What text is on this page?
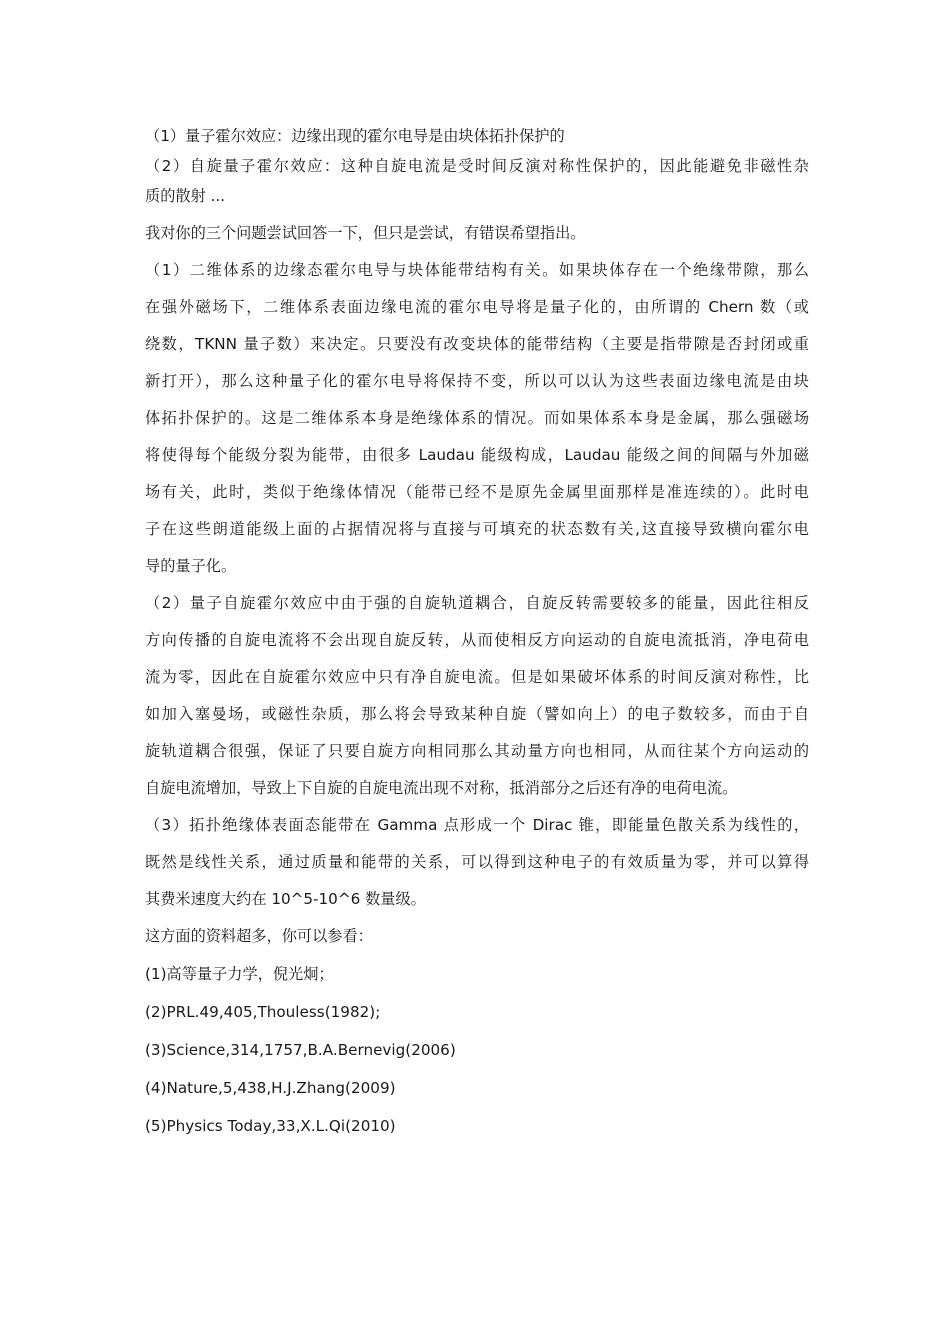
（1）量子霍尔效应：边缘出现的霍尔电导是由块体拓扑保护的
（2）自旋量子霍尔效应：这种自旋电流是受时间反演对称性保护的，因此能避免非磁性杂
质的散射 ...
我对你的三个问题尝试回答一下，但只是尝试，有错误希望指出。
（1）二维体系的边缘态霍尔电导与块体能带结构有关。如果块体存在一个绝缘带隙，那么
在强外磁场下，二维体系表面边缘电流的霍尔电导将是量子化的，由所谓的 Chern 数（或
绕数，TKNN 量子数）来决定。只要没有改变块体的能带结构（主要是指带隙是否封闭或重
新打开），那么这种量子化的霍尔电导将保持不变，所以可以认为这些表面边缘电流是由块
体拓扑保护的。这是二维体系本身是绝缘体系的情况。而如果体系本身是金属，那么强磁场
将使得每个能级分裂为能带，由很多 Laudau 能级构成，Laudau 能级之间的间隔与外加磁
场有关，此时，类似于绝缘体情况（能带已经不是原先金属里面那样是准连续的）。此时电
子在这些朗道能级上面的占据情况将与直接与可填充的状态数有关,这直接导致横向霍尔电
导的量子化。
（2）量子自旋霍尔效应中由于强的自旋轨道耦合，自旋反转需要较多的能量，因此往相反
方向传播的自旋电流将不会出现自旋反转，从而使相反方向运动的自旋电流抵消，净电荷电
流为零，因此在自旋霍尔效应中只有净自旋电流。但是如果破坏体系的时间反演对称性，比
如加入塞曼场，或磁性杂质，那么将会导致某种自旋（譬如向上）的电子数较多，而由于自
旋轨道耦合很强，保证了只要自旋方向相同那么其动量方向也相同，从而往某个方向运动的
自旋电流增加，导致上下自旋的自旋电流出现不对称，抵消部分之后还有净的电荷电流。
（3）拓扑绝缘体表面态能带在 Gamma 点形成一个 Dirac 锥，即能量色散关系为线性的，
既然是线性关系，通过质量和能带的关系，可以得到这种电子的有效质量为零，并可以算得
其费米速度大约在 10^5-10^6 数量级。
这方面的资料超多，你可以参看：
(1)高等量子力学，倪光炯；
(2)PRL.49,405,Thouless(1982);
(3)Science,314,1757,B.A.Bernevig(2006)
(4)Nature,5,438,H.J.Zhang(2009)
(5)Physics Today,33,X.L.Qi(2010)
